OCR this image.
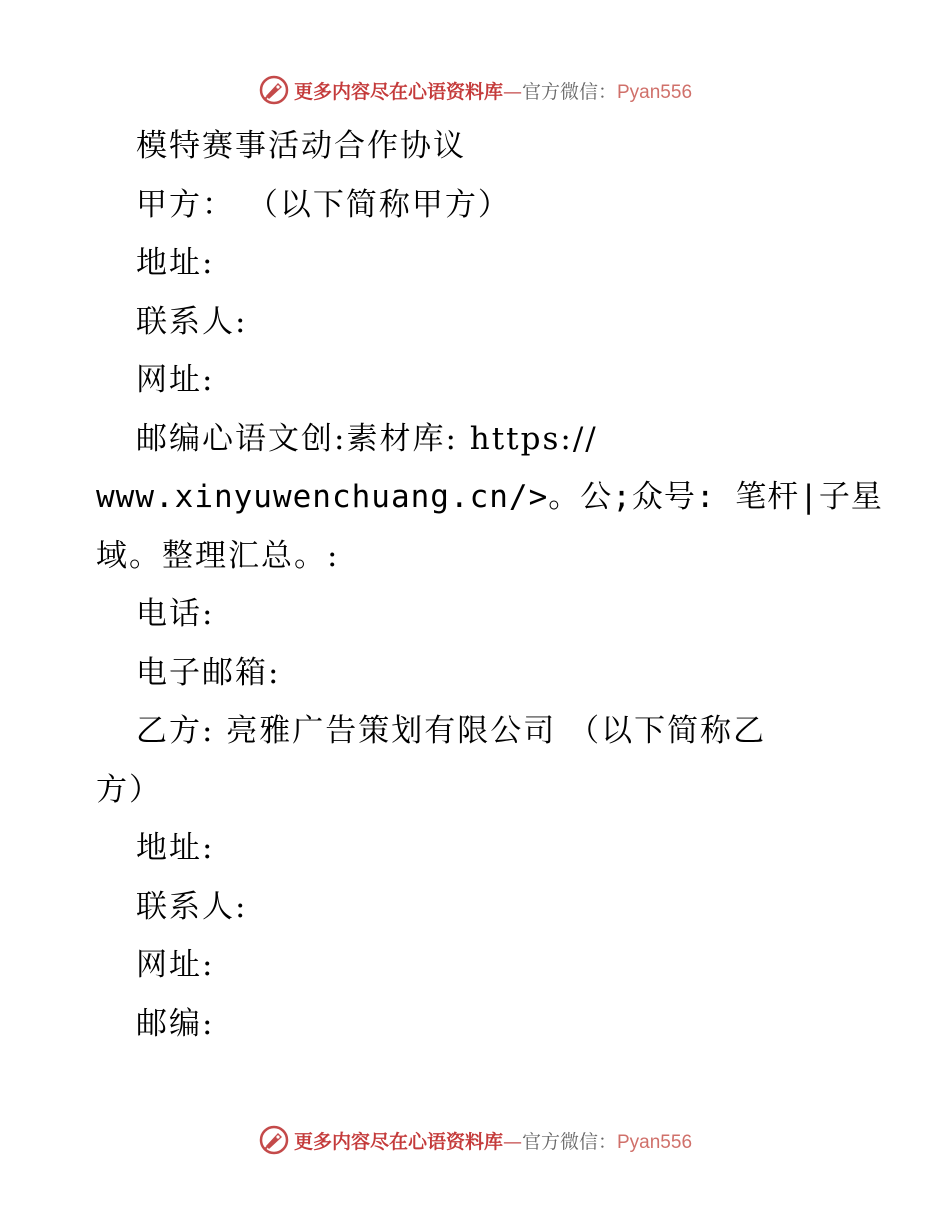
更多内容尽在心语资料库—官方微信：Pyan556
模特赛事活动合作协议
甲方： （以下简称甲方）
地址:
联系人:
网址:
邮编心语文创:素材库: https://
www.xinyuwenchuang.cn/>。公;众号: 笔杆|子星
域。整理汇总。:
电话:
电子邮箱:
乙方: 亮雅广告策划有限公司 （以下简称乙
方）
地址:
联系人:
网址:
邮编:
更多内容尽在心语资料库—官方微信：Pyan556
